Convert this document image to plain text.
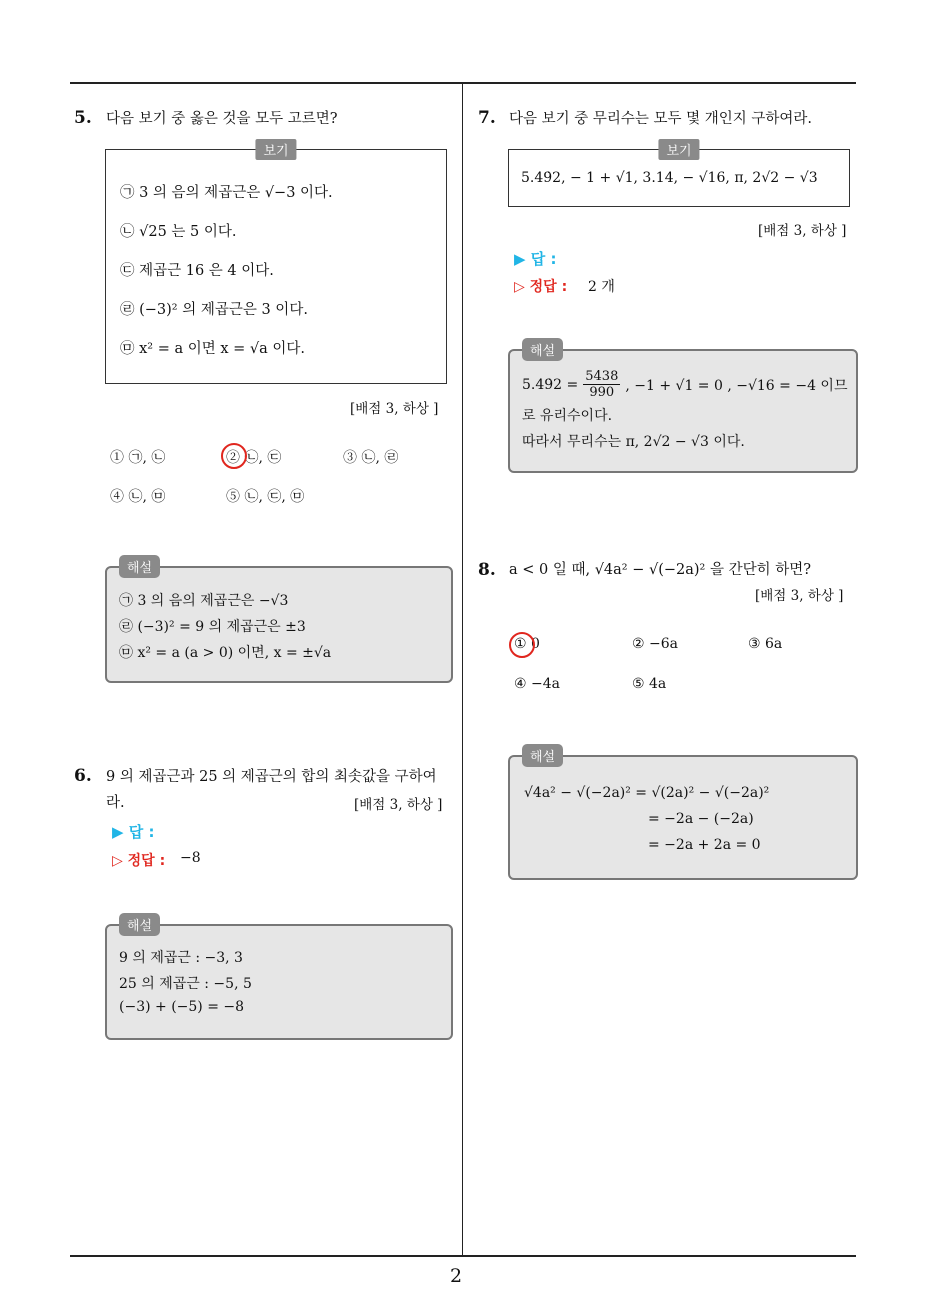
5. 다음 보기 중 옳은 것을 모두 고르면?
보기
㉠ 3 의 음의 제곱근은 √−3 이다.
㉡ √25 는 5 이다.
㉢ 제곱근 16 은 4 이다.
㉣ (−3)² 의 제곱근은 3 이다.
㉤ x² = a 이면 x = √a 이다.
[배점 3, 하상 ]
① ㉠, ㉡	② ㉡, ㉢	③ ㉡, ㉣
④ ㉡, ㉤	⑤ ㉡, ㉢, ㉤
해설
㉠ 3 의 음의 제곱근은 −√3
㉣ (−3)² = 9 의 제곱근은 ±3
㉤ x² = a (a > 0) 이면, x = ±√a
6. 9 의 제곱근과 25 의 제곱근의 합의 최솟값을 구하여
라.	[배점 3, 하상 ]
▶ 답 :
▷ 정답 : −8
해설
9 의 제곱근 : −3, 3
25 의 제곱근 : −5, 5
(−3) + (−5) = −8
7. 다음 보기 중 무리수는 모두 몇 개인지 구하여라.
보기
5.4̇9̇2, − 1 + √1, 3.14, − √16, π, 2√2 − √3
[배점 3, 하상 ]
▶ 답 :
▷ 정답 : 2 개
해설
5.4̇9̇2 = $\frac{5438}{990}$ , −1 + √1 = 0 , −√16 = −4 이므
로 유리수이다.
따라서 무리수는 π, 2√2 − √3 이다.
8. a < 0 일 때, √4a² − √(−2a)² 을 간단히 하면?
[배점 3, 하상 ]
① 0	② −6a	③ 6a
④ −4a	⑤ 4a
해설
√4a² − √(−2a)² = √(2a)² − √(−2a)²
= −2a − (−2a)
= −2a + 2a = 0
2
